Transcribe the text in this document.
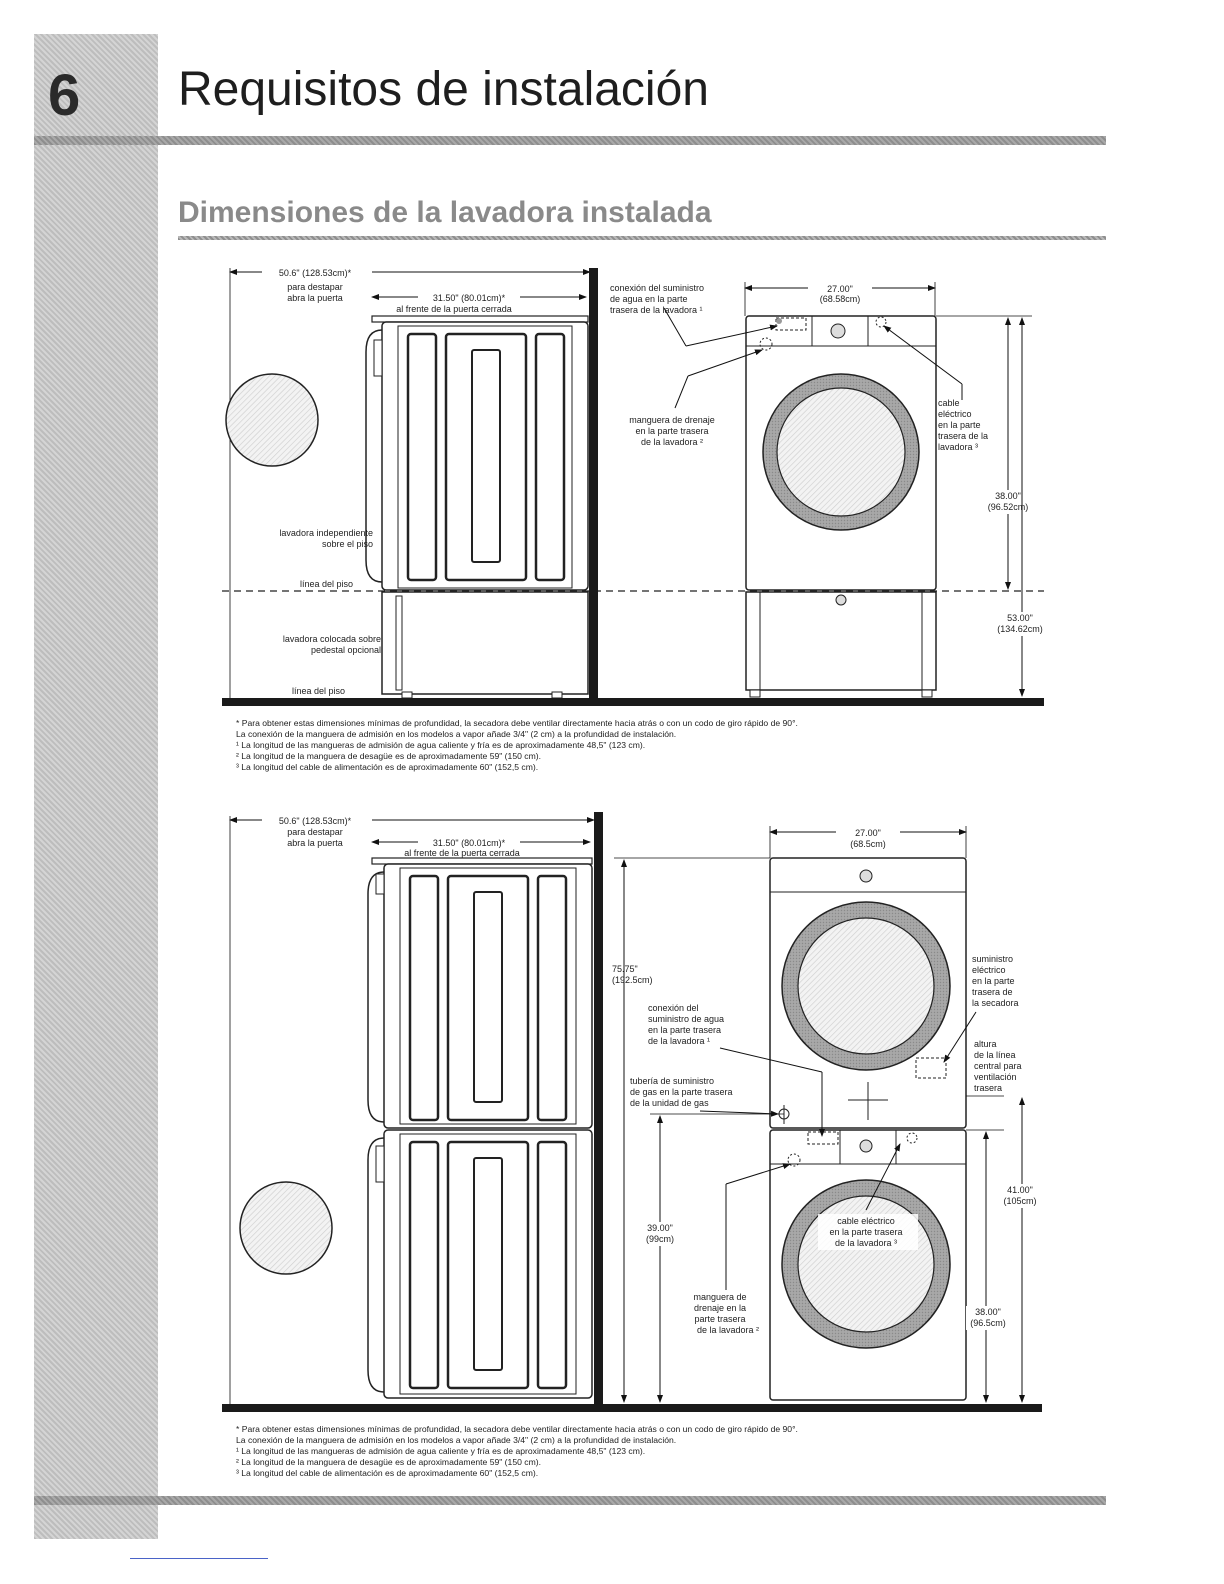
6 Requisitos de instalación
Dimensiones de la lavadora instalada
50.6" (128.53cm)*
para destapar
abra la puerta	31.50" (80.01cm)*
al frente de la puerta cerrada
lavadora independiente
sobre el piso
línea del piso
lavadora colocada sobre
pedestal opcional
línea del piso
27.00"
(68.58cm)
conexión del suministro
de agua en la parte
trasera de la lavadora ¹
manguera de drenaje
en la parte trasera
de la lavadora ²
cable
eléctrico
en la parte
trasera de la
lavadora ³
38.00"
(96.52cm)
53.00"
(134.62cm)
50.6" (128.53cm)*
para destapar
abra la puerta	31.50" (80.01cm)*
al frente de la puerta cerrada
27.00"
(68.5cm)
75.75"
(192.5cm)
conexión del
suministro de agua
en la parte trasera
de la lavadora ¹
tubería de suministro
de gas en la parte trasera
de la unidad de gas
39.00"
(99cm)
suministro
eléctrico
en la parte
trasera de
la secadora
altura
de la línea
central para
ventilación
trasera
cable eléctrico
en la parte trasera
de la lavadora ³
manguera de
drenaje en la
parte trasera
de la lavadora ²
38.00"
(96.5cm)
41.00"
(105cm)
* Para obtener estas dimensiones mínimas de profundidad, la secadora debe ventilar directamente hacia atrás o con un codo de giro rápido de 90°.
La conexión de la manguera de admisión en los modelos a vapor añade 3/4" (2 cm) a la profundidad de instalación.
¹ La longitud de las mangueras de admisión de agua caliente y fría es de aproximadamente 48,5" (123 cm).
² La longitud de la manguera de desagüe es de aproximadamente 59" (150 cm).
³ La longitud del cable de alimentación es de aproximadamente 60" (152,5 cm).
* Para obtener estas dimensiones mínimas de profundidad, la secadora debe ventilar directamente hacia atrás o con un codo de giro rápido de 90°.
La conexión de la manguera de admisión en los modelos a vapor añade 3/4" (2 cm) a la profundidad de instalación.
¹ La longitud de las mangueras de admisión de agua caliente y fría es de aproximadamente 48,5" (123 cm).
² La longitud de la manguera de desagüe es de aproximadamente 59" (150 cm).
³ La longitud del cable de alimentación es de aproximadamente 60" (152,5 cm).
